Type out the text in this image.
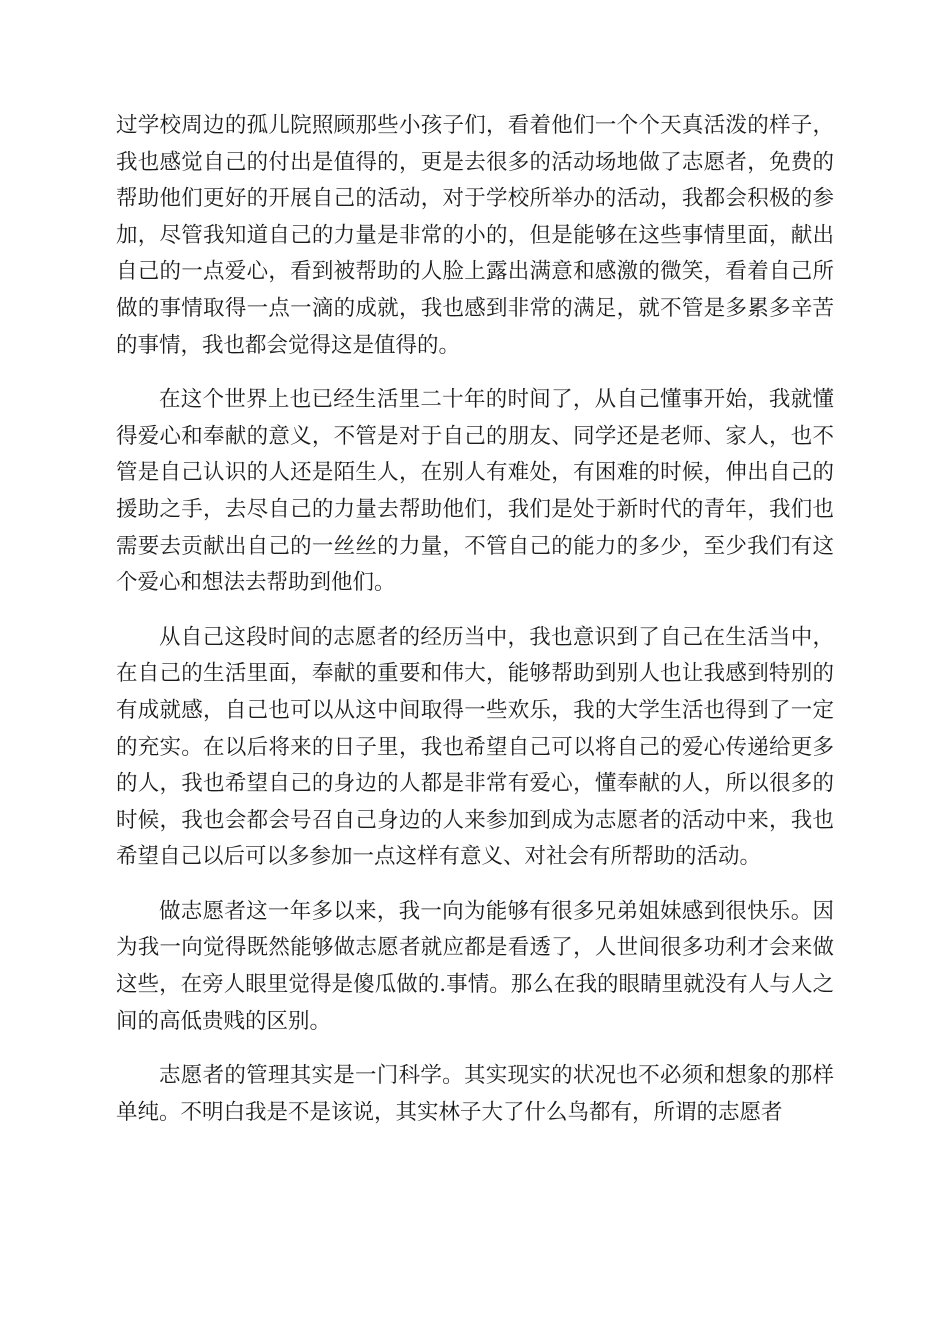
过学校周边的孤儿院照顾那些小孩子们，看着他们一个个天真活泼的样子，我也感觉自己的付出是值得的，更是去很多的活动场地做了志愿者，免费的帮助他们更好的开展自己的活动，对于学校所举办的活动，我都会积极的参加，尽管我知道自己的力量是非常的小的，但是能够在这些事情里面，献出自己的一点爱心，看到被帮助的人脸上露出满意和感激的微笑，看着自己所做的事情取得一点一滴的成就，我也感到非常的满足，就不管是多累多辛苦的事情，我也都会觉得这是值得的。

在这个世界上也已经生活里二十年的时间了，从自己懂事开始，我就懂得爱心和奉献的意义，不管是对于自己的朋友、同学还是老师、家人，也不管是自己认识的人还是陌生人，在别人有难处，有困难的时候，伸出自己的援助之手，去尽自己的力量去帮助他们，我们是处于新时代的青年，我们也需要去贡献出自己的一丝丝的力量，不管自己的能力的多少，至少我们有这个爱心和想法去帮助到他们。

从自己这段时间的志愿者的经历当中，我也意识到了自己在生活当中，在自己的生活里面，奉献的重要和伟大，能够帮助到别人也让我感到特别的有成就感，自己也可以从这中间取得一些欢乐，我的大学生活也得到了一定的充实。在以后将来的日子里，我也希望自己可以将自己的爱心传递给更多的人，我也希望自己的身边的人都是非常有爱心，懂奉献的人，所以很多的时候，我也会都会号召自己身边的人来参加到成为志愿者的活动中来，我也希望自己以后可以多参加一点这样有意义、对社会有所帮助的活动。

做志愿者这一年多以来，我一向为能够有很多兄弟姐妹感到很快乐。因为我一向觉得既然能够做志愿者就应都是看透了，人世间很多功利才会来做这些，在旁人眼里觉得是傻瓜做的.事情。那么在我的眼睛里就没有人与人之间的高低贵贱的区别。

志愿者的管理其实是一门科学。其实现实的状况也不必须和想象的那样单纯。不明白我是不是该说，其实林子大了什么鸟都有，所谓的志愿者
